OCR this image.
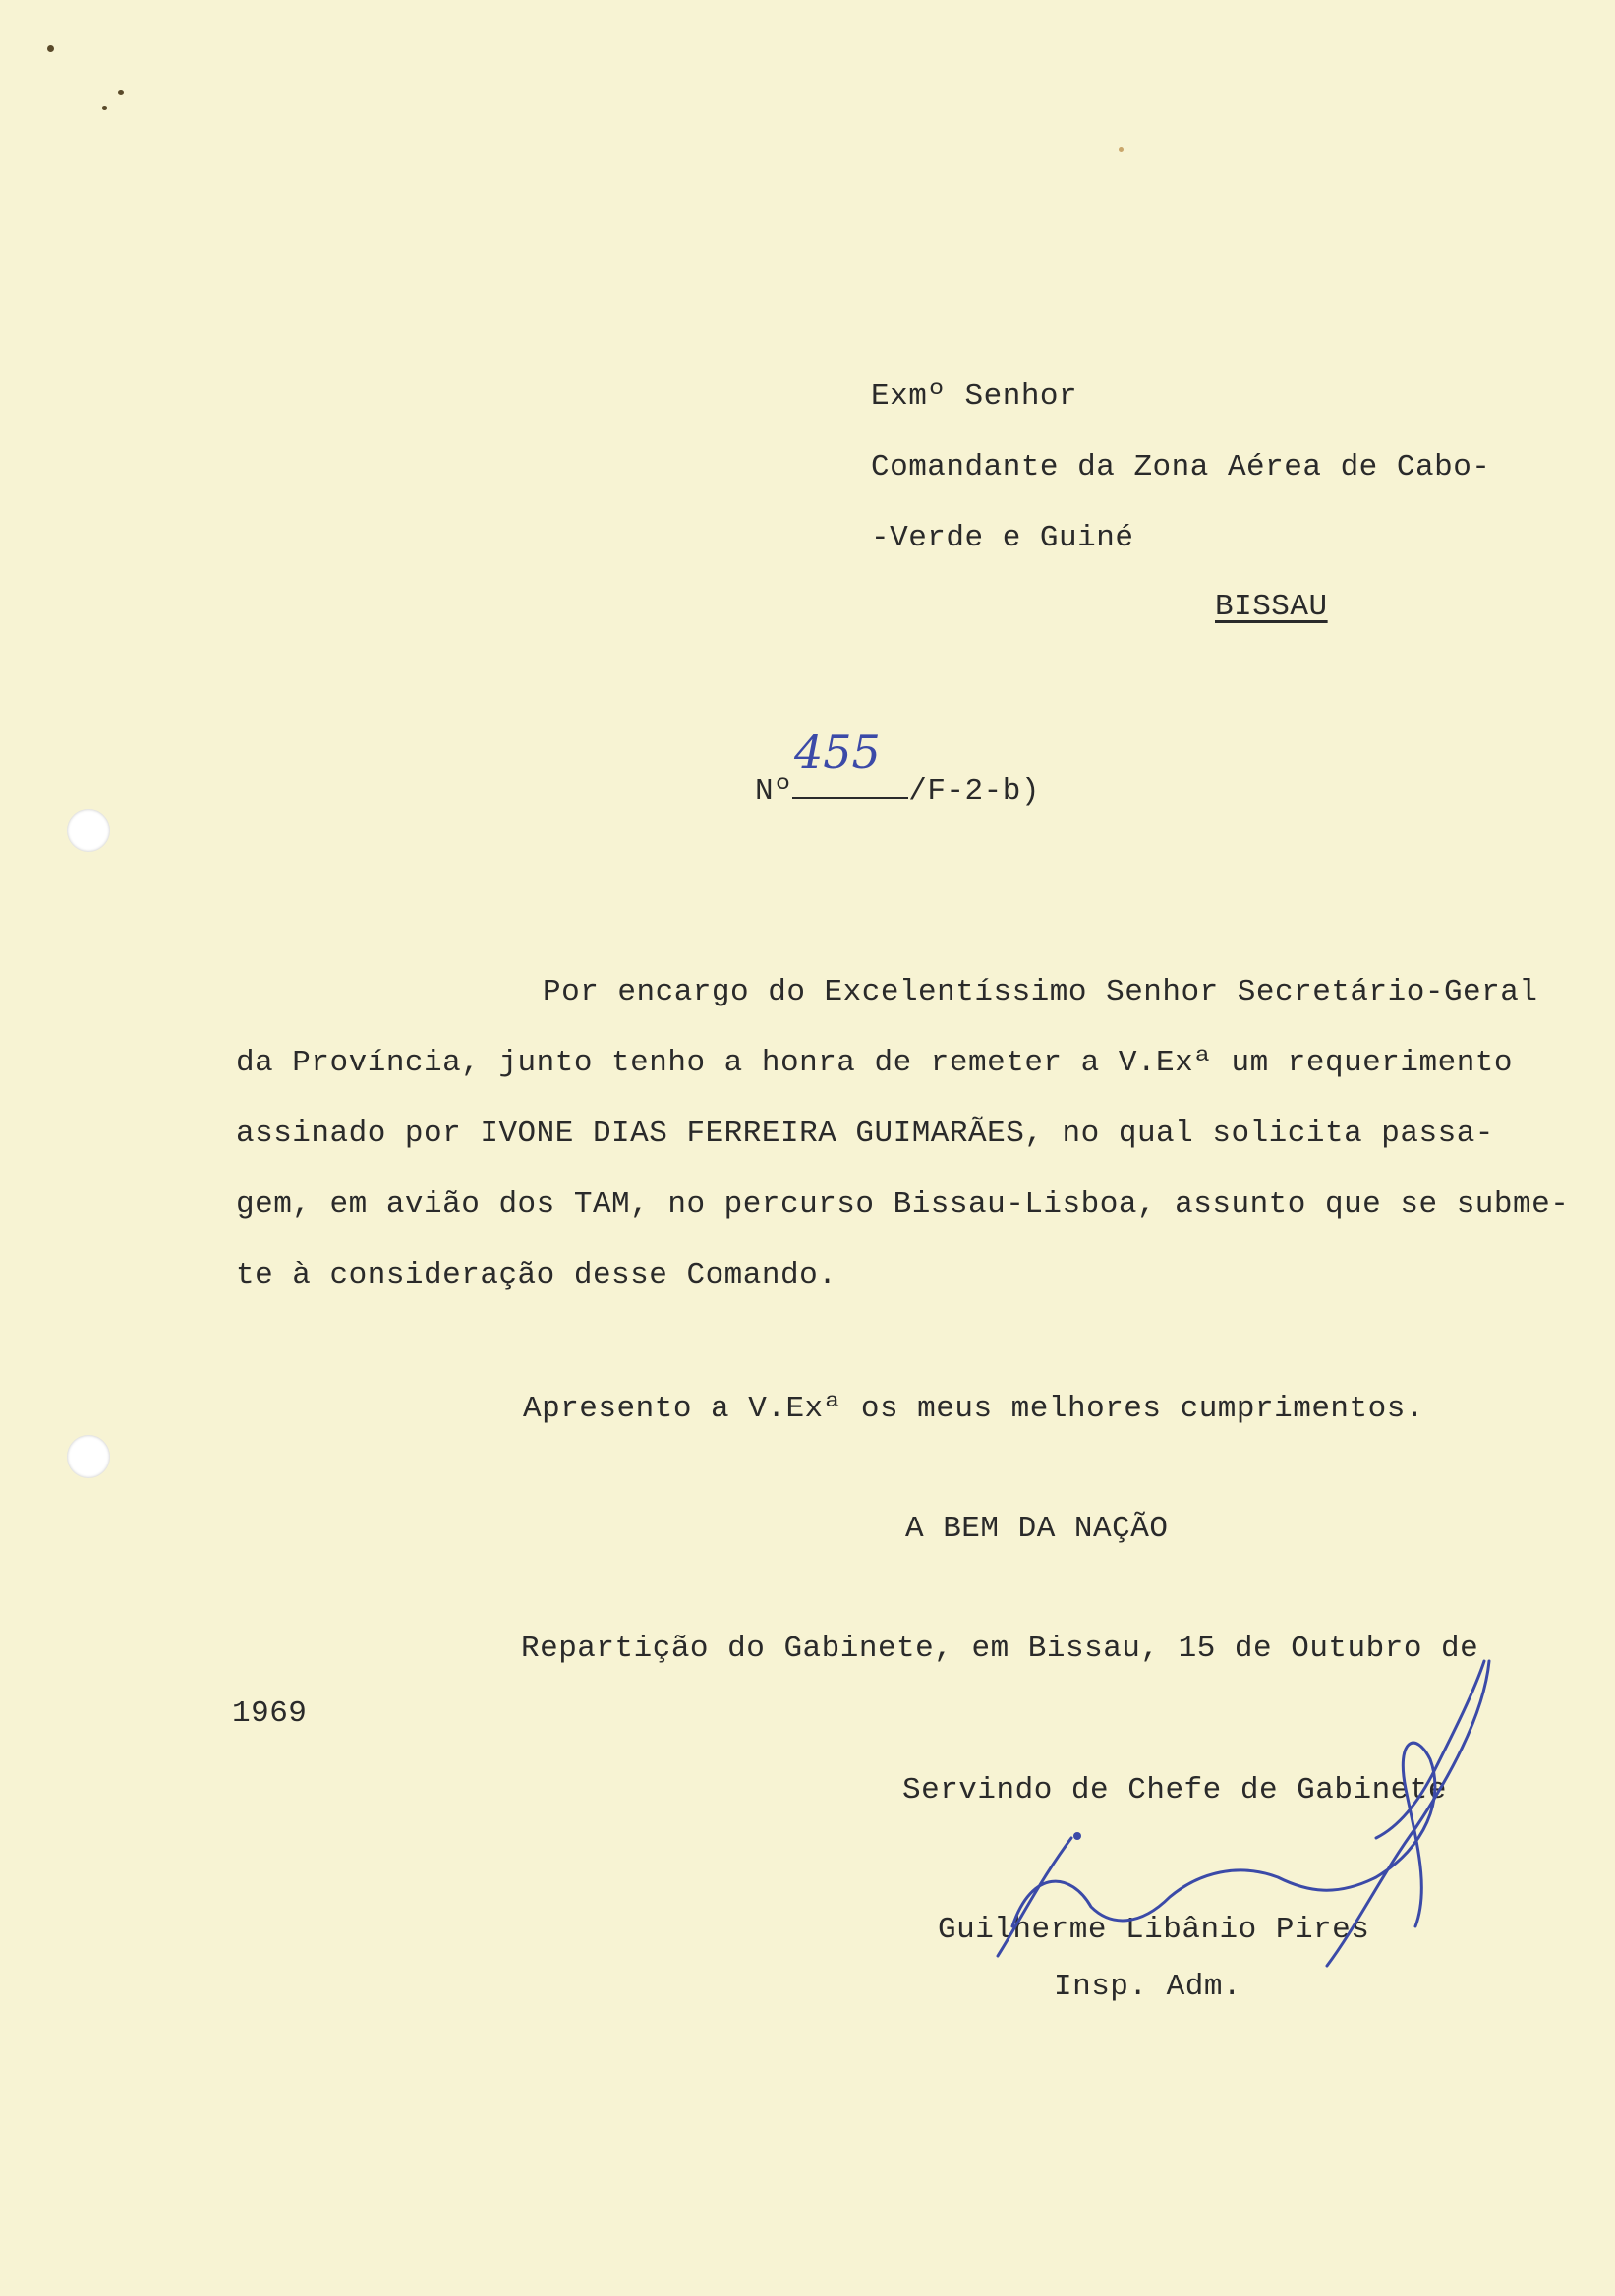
Exmº Senhor
Comandante da Zona Aérea de Cabo-
-Verde e Guiné
BISSAU
Nº	/F-2-b)
455
Por encargo do Excelentíssimo Senhor Secretário-Geral
da Província, junto tenho a honra de remeter a V.Exª um requerimento
assinado por IVONE DIAS FERREIRA GUIMARÃES, no qual solicita passa-
gem, em avião dos TAM, no percurso Bissau-Lisboa, assunto que se subme-
te à consideração desse Comando.
Apresento a V.Exª os meus melhores cumprimentos.
A BEM DA NAÇÃO
Repartição do Gabinete, em Bissau, 15 de Outubro de
1969
Servindo de Chefe de Gabinete
Guilherme Libânio Pires
Insp. Adm.
